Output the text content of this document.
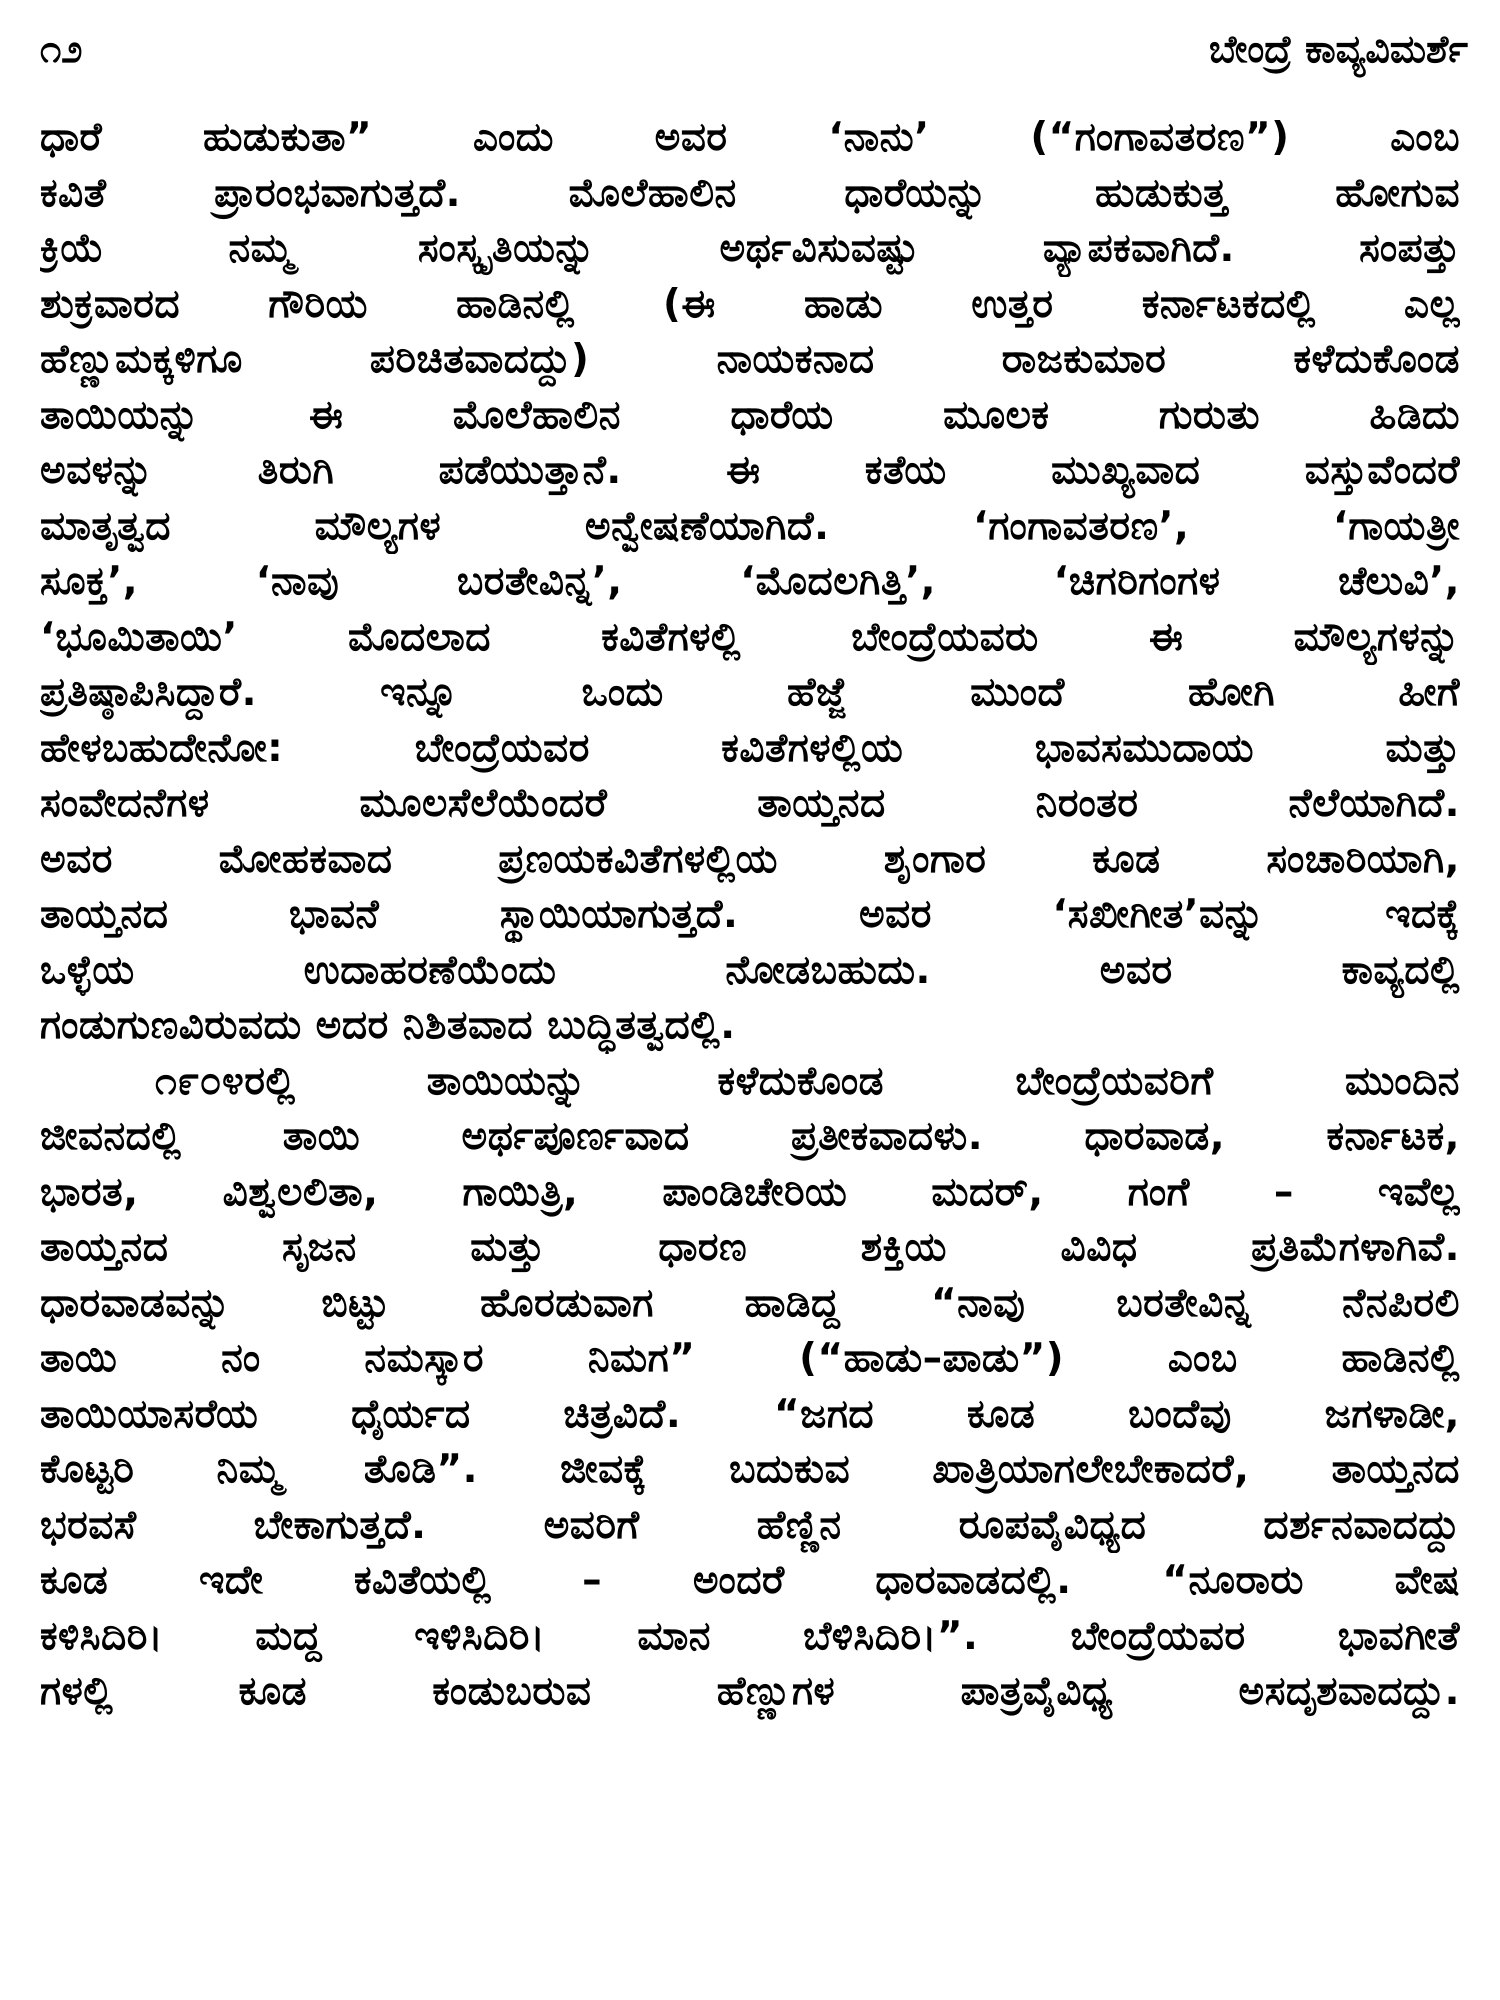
೧೨	ಬೇಂದ್ರೆ ಕಾವ್ಯವಿಮರ್ಶೆ
ಧಾರೆ ಹುಡುಕುತಾ” ಎಂದು ಅವರ ‘ನಾನು’ (“ಗಂಗಾವತರಣ”) ಎಂಬ
ಕವಿತೆ ಪ್ರಾರಂಭವಾಗುತ್ತದೆ. ಮೊಲೆಹಾಲಿನ ಧಾರೆಯನ್ನು ಹುಡುಕುತ್ತ ಹೋಗುವ
ಕ್ರಿಯೆ ನಮ್ಮ ಸಂಸ್ಕೃತಿಯನ್ನು ಅರ್ಥವಿಸುವಷ್ಟು ವ್ಯಾಪಕವಾಗಿದೆ. ಸಂಪತ್ತು
ಶುಕ್ರವಾರದ ಗೌರಿಯ ಹಾಡಿನಲ್ಲಿ (ಈ ಹಾಡು ಉತ್ತರ ಕರ್ನಾಟಕದಲ್ಲಿ ಎಲ್ಲ
ಹೆಣ್ಣುಮಕ್ಕಳಿಗೂ ಪರಿಚಿತವಾದದ್ದು) ನಾಯಕನಾದ ರಾಜಕುಮಾರ ಕಳೆದುಕೊಂಡ
ತಾಯಿಯನ್ನು ಈ ಮೊಲೆಹಾಲಿನ ಧಾರೆಯ ಮೂಲಕ ಗುರುತು ಹಿಡಿದು
ಅವಳನ್ನು ತಿರುಗಿ ಪಡೆಯುತ್ತಾನೆ. ಈ ಕತೆಯ ಮುಖ್ಯವಾದ ವಸ್ತುವೆಂದರೆ
ಮಾತೃತ್ವದ ಮೌಲ್ಯಗಳ ಅನ್ವೇಷಣೆಯಾಗಿದೆ. ‘ಗಂಗಾವತರಣ’, ‘ಗಾಯತ್ರೀ
ಸೂಕ್ತ’, ‘ನಾವು ಬರತೇವಿನ್ನ’, ‘ಮೊದಲಗಿತ್ತಿ’, ‘ಚಿಗರಿಗಂಗಳ ಚೆಲುವಿ’,
‘ಭೂಮಿತಾಯಿ’ ಮೊದಲಾದ ಕವಿತೆಗಳಲ್ಲಿ ಬೇಂದ್ರೆಯವರು ಈ ಮೌಲ್ಯಗಳನ್ನು
ಪ್ರತಿಷ್ಠಾಪಿಸಿದ್ದಾರೆ. ಇನ್ನೂ ಒಂದು ಹೆಜ್ಜೆ ಮುಂದೆ ಹೋಗಿ ಹೀಗೆ
ಹೇಳಬಹುದೇನೋ: ಬೇಂದ್ರೆಯವರ ಕವಿತೆಗಳಲ್ಲಿಯ ಭಾವಸಮುದಾಯ ಮತ್ತು
ಸಂವೇದನೆಗಳ ಮೂಲಸೆಲೆಯೆಂದರೆ ತಾಯ್ತನದ ನಿರಂತರ ನೆಲೆಯಾಗಿದೆ.
ಅವರ ಮೋಹಕವಾದ ಪ್ರಣಯಕವಿತೆಗಳಲ್ಲಿಯ ಶೃಂಗಾರ ಕೂಡ ಸಂಚಾರಿಯಾಗಿ,
ತಾಯ್ತನದ ಭಾವನೆ ಸ್ಥಾಯಿಯಾಗುತ್ತದೆ. ಅವರ ‘ಸಖೀಗೀತ’ವನ್ನು ಇದಕ್ಕೆ
ಒಳ್ಳೆಯ ಉದಾಹರಣೆಯೆಂದು ನೋಡಬಹುದು. ಅವರ ಕಾವ್ಯದಲ್ಲಿ
ಗಂಡುಗುಣವಿರುವದು ಅದರ ನಿಶಿತವಾದ ಬುದ್ಧಿತತ್ವದಲ್ಲಿ.
೧೯೦೪ರಲ್ಲಿ ತಾಯಿಯನ್ನು ಕಳೆದುಕೊಂಡ ಬೇಂದ್ರೆಯವರಿಗೆ ಮುಂದಿನ
ಜೀವನದಲ್ಲಿ ತಾಯಿ ಅರ್ಥಪೂರ್ಣವಾದ ಪ್ರತೀಕವಾದಳು. ಧಾರವಾಡ, ಕರ್ನಾಟಕ,
ಭಾರತ, ವಿಶ್ವಲಲಿತಾ, ಗಾಯಿತ್ರಿ, ಪಾಂಡಿಚೇರಿಯ ಮದರ್, ಗಂಗೆ – ಇವೆಲ್ಲ
ತಾಯ್ತನದ ಸೃಜನ ಮತ್ತು ಧಾರಣ ಶಕ್ತಿಯ ವಿವಿಧ ಪ್ರತಿಮೆಗಳಾಗಿವೆ.
ಧಾರವಾಡವನ್ನು ಬಿಟ್ಟು ಹೊರಡುವಾಗ ಹಾಡಿದ್ದ “ನಾವು ಬರತೇವಿನ್ನ ನೆನಪಿರಲಿ
ತಾಯಿ ನಂ ನಮಸ್ಕಾರ ನಿಮಗ” (“ಹಾಡು–ಪಾಡು”) ಎಂಬ ಹಾಡಿನಲ್ಲಿ
ತಾಯಿಯಾಸರೆಯ ಧೈರ್ಯದ ಚಿತ್ರವಿದೆ. “ಜಗದ ಕೂಡ ಬಂದೆವು ಜಗಳಾಡೀ,
ಕೊಟ್ಟರಿ ನಿಮ್ಮ ತೊಡಿ”. ಜೀವಕ್ಕೆ ಬದುಕುವ ಖಾತ್ರಿಯಾಗಲೇಬೇಕಾದರೆ, ತಾಯ್ತನದ
ಭರವಸೆ ಬೇಕಾಗುತ್ತದೆ. ಅವರಿಗೆ ಹೆಣ್ಣಿನ ರೂಪವೈವಿಧ್ಯದ ದರ್ಶನವಾದದ್ದು
ಕೂಡ ಇದೇ ಕವಿತೆಯಲ್ಲಿ – ಅಂದರೆ ಧಾರವಾಡದಲ್ಲಿ. “ನೂರಾರು ವೇಷ
ಕಳಿಸಿದಿರಿ। ಮದ್ದ ಇಳಿಸಿದಿರಿ। ಮಾನ ಬೆಳಿಸಿದಿರಿ।”. ಬೇಂದ್ರೆಯವರ ಭಾವಗೀತೆ
ಗಳಲ್ಲಿ ಕೂಡ ಕಂಡುಬರುವ ಹೆಣ್ಣುಗಳ ಪಾತ್ರವೈವಿಧ್ಯ ಅಸದೃಶವಾದದ್ದು.
